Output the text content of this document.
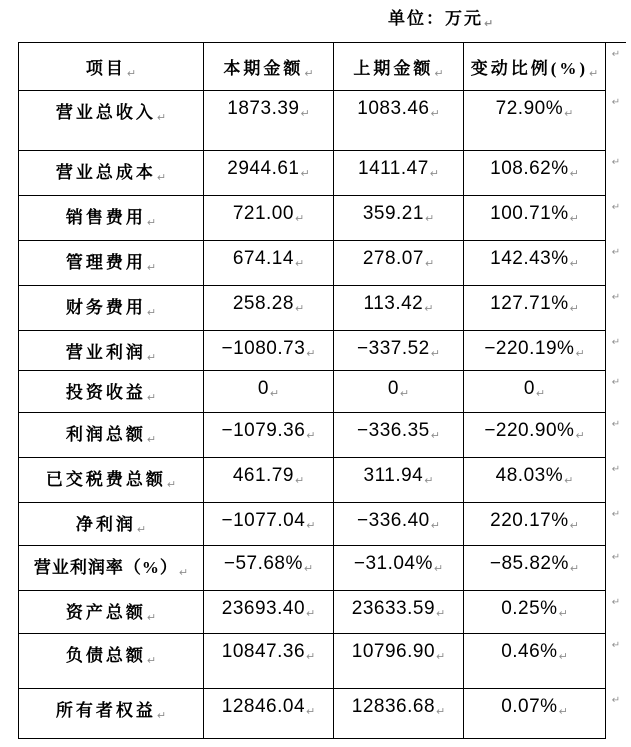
单位：万元↵
项目↵	本期金额↵	上期金额↵	变动比例(%)↵
↵
营业总收入↵	1873.39↵	1083.46↵	72.90%↵
↵
营业总成本↵	2944.61↵	1411.47↵	108.62%↵
↵
销售费用↵	721.00↵	359.21↵	100.71%↵
↵
管理费用↵	674.14↵	278.07↵	142.43%↵
↵
财务费用↵	258.28↵	113.42↵	127.71%↵
↵
营业利润↵	−1080.73↵	−337.52↵	−220.19%↵
↵
投资收益↵	0↵	0↵	0↵
↵
利润总额↵	−1079.36↵	−336.35↵	−220.90%↵
↵
已交税费总额↵	461.79↵	311.94↵	48.03%↵
↵
净利润↵	−1077.04↵	−336.40↵	220.17%↵
↵
营业利润率（%）↵	−57.68%↵	−31.04%↵	−85.82%↵
↵
资产总额↵	23693.40↵	23633.59↵	0.25%↵
↵
负债总额↵	10847.36↵	10796.90↵	0.46%↵
↵
所有者权益↵	12846.04↵	12836.68↵	0.07%↵
↵
